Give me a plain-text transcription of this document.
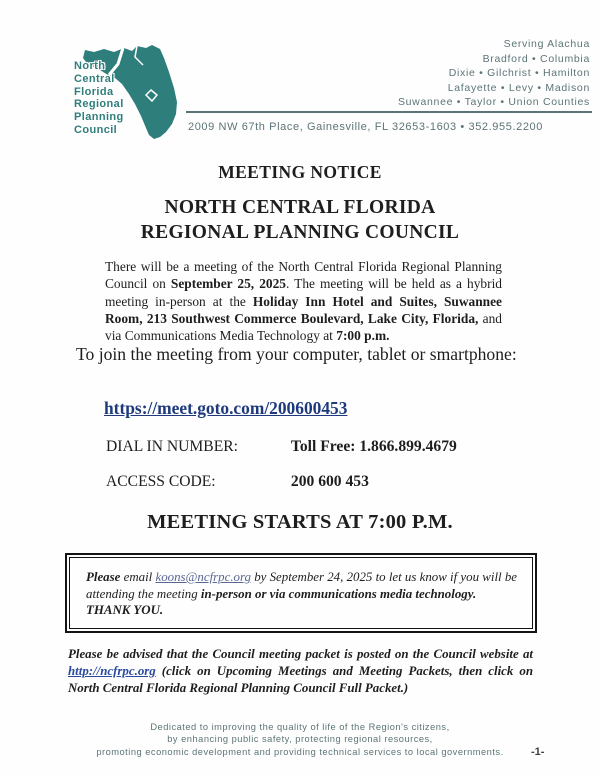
North
Central
Florida
Regional
Planning
Council
Serving Alachua
Bradford • Columbia
Dixie • Gilchrist • Hamilton
Lafayette • Levy • Madison
Suwannee • Taylor • Union Counties
2009 NW 67th Place, Gainesville, FL 32653-1603 • 352.955.2200
MEETING NOTICE
NORTH CENTRAL FLORIDA
REGIONAL PLANNING COUNCIL

There will be a meeting of the North Central Florida Regional Planning Council on September 25, 2025. The meeting will be held as a hybrid meeting in-person at the Holiday Inn Hotel and Suites, Suwannee Room, 213 Southwest Commerce Boulevard, Lake City, Florida, and via Communications Media Technology at 7:00 p.m.

To join the meeting from your computer, tablet or smartphone:

https://meet.goto.com/200600453
DIAL IN NUMBER:	Toll Free: 1.866.899.4679
ACCESS CODE:	200 600 453
MEETING STARTS AT 7:00 P.M.
Please email koons@ncfrpc.org by September 24, 2025 to let us know if you will be attending the meeting in-person or via communications media technology. THANK YOU.

Please be advised that the Council meeting packet is posted on the Council website at http://ncfrpc.org (click on Upcoming Meetings and Meeting Packets, then click on North Central Florida Regional Planning Council Full Packet.)

Dedicated to improving the quality of life of the Region's citizens,
by enhancing public safety, protecting regional resources,
promoting economic development and providing technical services to local governments.	-1-
